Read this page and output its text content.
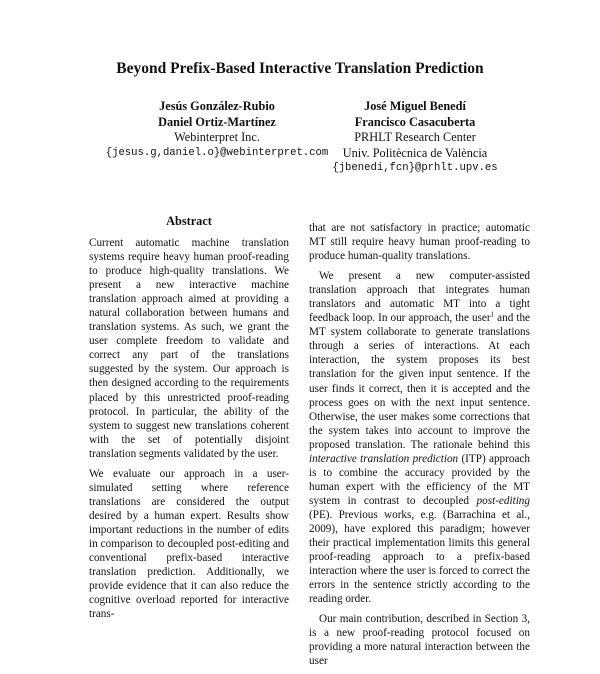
Beyond Prefix-Based Interactive Translation Prediction
Jesús González-Rubio
Daniel Ortiz-Martínez
Webinterpret Inc.
{jesus.g,daniel.o}@webinterpret.com
José Miguel Benedí
Francisco Casacuberta
PRHLT Research Center
Univ. Politècnica de València
{jbenedi,fcn}@prhlt.upv.es
Abstract

Current automatic machine translation systems require heavy human proof-reading to produce high-quality translations. We present a new interactive machine translation approach aimed at providing a natural collaboration between humans and translation systems. As such, we grant the user complete freedom to validate and correct any part of the translations suggested by the system. Our approach is then designed according to the requirements placed by this unrestricted proof-reading protocol. In particular, the ability of the system to suggest new translations coherent with the set of potentially disjoint translation segments validated by the user.

We evaluate our approach in a user-simulated setting where reference translations are considered the output desired by a human expert. Results show important reductions in the number of edits in comparison to decoupled post-editing and conventional prefix-based interactive translation prediction. Additionally, we provide evidence that it can also reduce the cognitive overload reported for interactive trans-

that are not satisfactory in practice; automatic MT still require heavy human proof-reading to produce human-quality translations.

We present a new computer-assisted translation approach that integrates human translators and automatic MT into a tight feedback loop. In our approach, the user$^1$ and the MT system collaborate to generate translations through a series of interactions. At each interaction, the system proposes its best translation for the given input sentence. If the user finds it correct, then it is accepted and the process goes on with the next input sentence. Otherwise, the user makes some corrections that the system takes into account to improve the proposed translation. The rationale behind this interactive translation prediction (ITP) approach is to combine the accuracy provided by the human expert with the efficiency of the MT system in contrast to decoupled post-editing (PE). Previous works, e.g. (Barrachina et al., 2009), have explored this paradigm; however their practical implementation limits this general proof-reading approach to a prefix-based interaction where the user is forced to correct the errors in the sentence strictly according to the reading order.

Our main contribution, described in Section 3, is a new proof-reading protocol focused on providing a more natural interaction between the user
